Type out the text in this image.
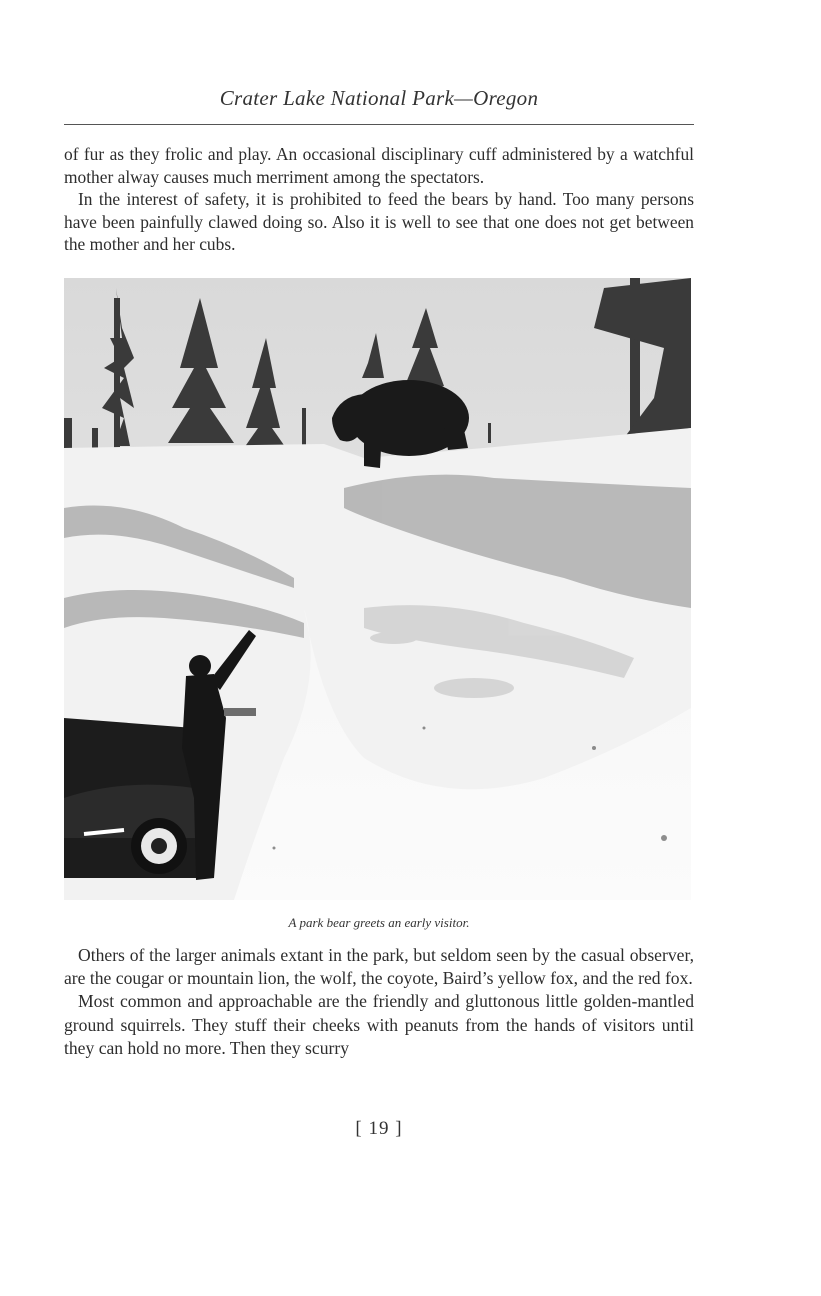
Crater Lake National Park—Oregon

of fur as they frolic and play. An occasional disciplinary cuff administered by a watchful mother alway causes much merriment among the spectators.

In the interest of safety, it is prohibited to feed the bears by hand. Too many persons have been painfully clawed doing so. Also it is well to see that one does not get between the mother and her cubs.

A park bear greets an early visitor.

Others of the larger animals extant in the park, but seldom seen by the casual observer, are the cougar or mountain lion, the wolf, the coyote, Baird’s yellow fox, and the red fox.

Most common and approachable are the friendly and gluttonous little golden-mantled ground squirrels. They stuff their cheeks with peanuts from the hands of visitors until they can hold no more. Then they scurry

[ 19 ]
